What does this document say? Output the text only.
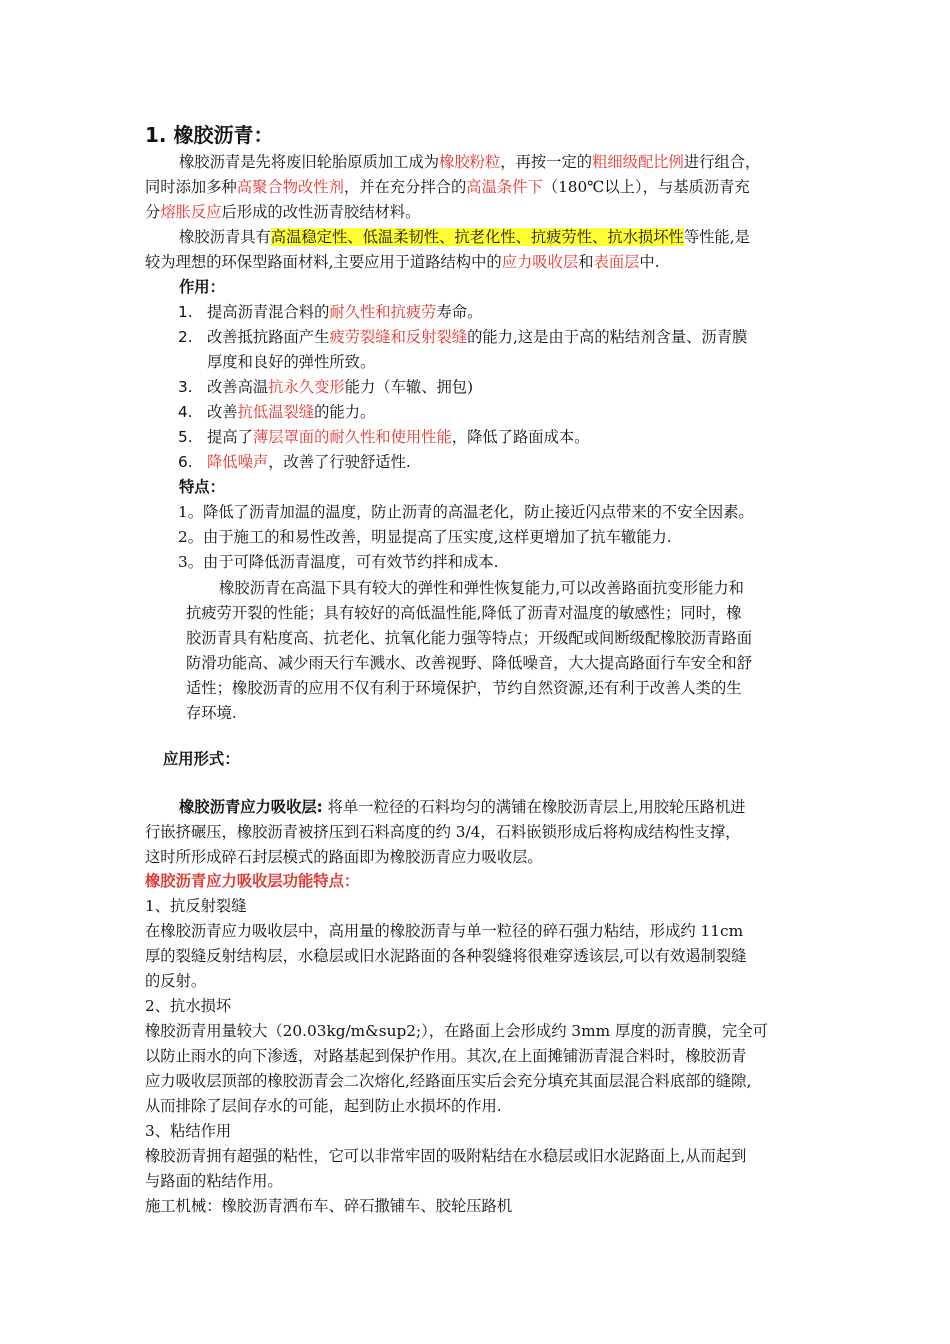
1. 橡胶沥青：
橡胶沥青是先将废旧轮胎原质加工成为橡胶粉粒，再按一定的粗细级配比例进行组合，
同时添加多种高聚合物改性剂，并在充分拌合的高温条件下（180℃以上），与基质沥青充
分熔胀反应后形成的改性沥青胶结材料。
橡胶沥青具有高温稳定性、低温柔韧性、抗老化性、抗疲劳性、抗水损坏性等性能,是
较为理想的环保型路面材料,主要应用于道路结构中的应力吸收层和表面层中.
作用：
1. 提高沥青混合料的耐久性和抗疲劳寿命。
2. 改善抵抗路面产生疲劳裂缝和反射裂缝的能力,这是由于高的粘结剂含量、沥青膜
厚度和良好的弹性所致。
3. 改善高温抗永久变形能力（车辙、拥包)
4. 改善抗低温裂缝的能力。
5. 提高了薄层罩面的耐久性和使用性能，降低了路面成本。
6. 降低噪声，改善了行驶舒适性.
特点：
1。降低了沥青加温的温度，防止沥青的高温老化，防止接近闪点带来的不安全因素。
2。由于施工的和易性改善，明显提高了压实度,这样更增加了抗车辙能力.
3。由于可降低沥青温度，可有效节约拌和成本.
橡胶沥青在高温下具有较大的弹性和弹性恢复能力,可以改善路面抗变形能力和
抗疲劳开裂的性能；具有较好的高低温性能,降低了沥青对温度的敏感性；同时，橡
胶沥青具有粘度高、抗老化、抗氧化能力强等特点；开级配或间断级配橡胶沥青路面
防滑功能高、减少雨天行车溅水、改善视野、降低噪音，大大提高路面行车安全和舒
适性；橡胶沥青的应用不仅有利于环境保护，节约自然资源,还有利于改善人类的生
存环境.
应用形式：
橡胶沥青应力吸收层: 将单一粒径的石料均匀的满铺在橡胶沥青层上,用胶轮压路机进
行嵌挤碾压，橡胶沥青被挤压到石料高度的约 3/4，石料嵌锁形成后将构成结构性支撑，
这时所形成碎石封层模式的路面即为橡胶沥青应力吸收层。
橡胶沥青应力吸收层功能特点：
1、抗反射裂缝
在橡胶沥青应力吸收层中，高用量的橡胶沥青与单一粒径的碎石强力粘结，形成约 11cm
厚的裂缝反射结构层，水稳层或旧水泥路面的各种裂缝将很难穿透该层,可以有效遏制裂缝
的反射。
2、抗水损坏
橡胶沥青用量较大（20.03kg/m&sup2;），在路面上会形成约 3mm 厚度的沥青膜，完全可
以防止雨水的向下渗透，对路基起到保护作用。其次,在上面摊铺沥青混合料时，橡胶沥青
应力吸收层顶部的橡胶沥青会二次熔化,经路面压实后会充分填充其面层混合料底部的缝隙,
从而排除了层间存水的可能，起到防止水损坏的作用.
3、粘结作用
橡胶沥青拥有超强的粘性，它可以非常牢固的吸附粘结在水稳层或旧水泥路面上,从而起到
与路面的粘结作用。
施工机械：橡胶沥青洒布车、碎石撒铺车、胶轮压路机
